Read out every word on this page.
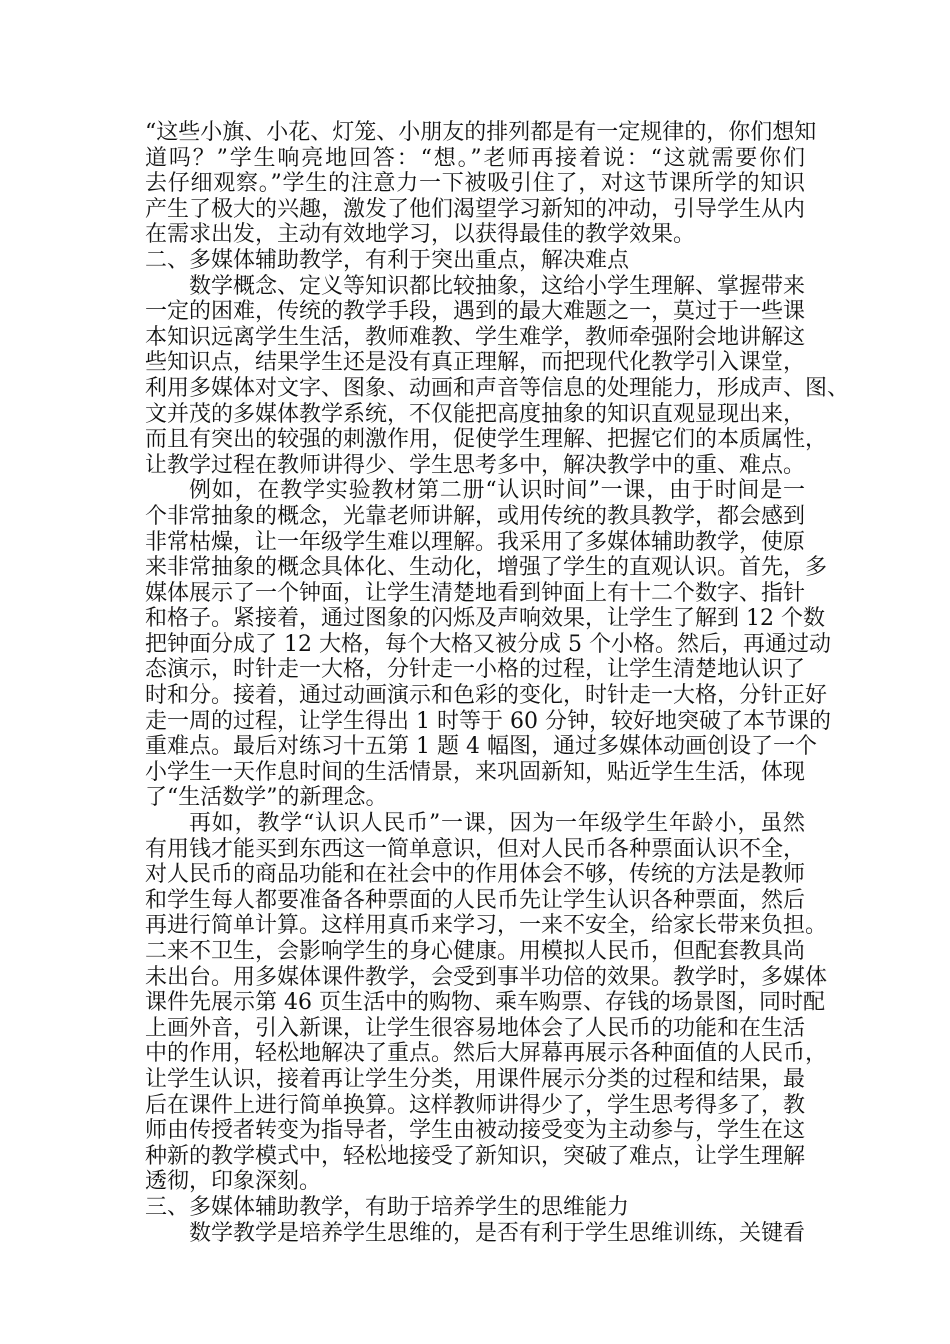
“这些小旗、小花、灯笼、小朋友的排列都是有一定规律的，你们想知
道吗？”学生响亮地回答：“想。”老师再接着说：“这就需要你们
去仔细观察。”学生的注意力一下被吸引住了，对这节课所学的知识
产生了极大的兴趣，激发了他们渴望学习新知的冲动，引导学生从内
在需求出发，主动有效地学习，以获得最佳的教学效果。
二、多媒体辅助教学，有利于突出重点，解决难点
数学概念、定义等知识都比较抽象，这给小学生理解、掌握带来
一定的困难，传统的教学手段，遇到的最大难题之一，莫过于一些课
本知识远离学生生活，教师难教、学生难学，教师牵强附会地讲解这
些知识点，结果学生还是没有真正理解，而把现代化教学引入课堂，
利用多媒体对文字、图象、动画和声音等信息的处理能力，形成声、图、
文并茂的多媒体教学系统，不仅能把高度抽象的知识直观显现出来，
而且有突出的较强的刺激作用，促使学生理解、把握它们的本质属性，
让教学过程在教师讲得少、学生思考多中，解决教学中的重、难点。
例如，在教学实验教材第二册“认识时间”一课，由于时间是一
个非常抽象的概念，光靠老师讲解，或用传统的教具教学，都会感到
非常枯燥，让一年级学生难以理解。我采用了多媒体辅助教学，使原
来非常抽象的概念具体化、生动化，增强了学生的直观认识。首先，多
媒体展示了一个钟面，让学生清楚地看到钟面上有十二个数字、指针
和格子。紧接着，通过图象的闪烁及声响效果，让学生了解到 12 个数
把钟面分成了 12 大格，每个大格又被分成 5 个小格。然后，再通过动
态演示，时针走一大格，分针走一小格的过程，让学生清楚地认识了
时和分。接着，通过动画演示和色彩的变化，时针走一大格，分针正好
走一周的过程，让学生得出 1 时等于 60 分钟，较好地突破了本节课的
重难点。最后对练习十五第 1 题 4 幅图，通过多媒体动画创设了一个
小学生一天作息时间的生活情景，来巩固新知，贴近学生生活，体现
了“生活数学”的新理念。
再如，教学“认识人民币”一课，因为一年级学生年龄小，虽然
有用钱才能买到东西这一简单意识，但对人民币各种票面认识不全，
对人民币的商品功能和在社会中的作用体会不够，传统的方法是教师
和学生每人都要准备各种票面的人民币先让学生认识各种票面，然后
再进行简单计算。这样用真币来学习，一来不安全，给家长带来负担。
二来不卫生，会影响学生的身心健康。用模拟人民币，但配套教具尚
未出台。用多媒体课件教学，会受到事半功倍的效果。教学时，多媒体
课件先展示第 46 页生活中的购物、乘车购票、存钱的场景图，同时配
上画外音，引入新课，让学生很容易地体会了人民币的功能和在生活
中的作用，轻松地解决了重点。然后大屏幕再展示各种面值的人民币，
让学生认识，接着再让学生分类，用课件展示分类的过程和结果，最
后在课件上进行简单换算。这样教师讲得少了，学生思考得多了，教
师由传授者转变为指导者，学生由被动接受变为主动参与，学生在这
种新的教学模式中，轻松地接受了新知识，突破了难点，让学生理解
透彻，印象深刻。
三、多媒体辅助教学，有助于培养学生的思维能力
数学教学是培养学生思维的，是否有利于学生思维训练，关键看
